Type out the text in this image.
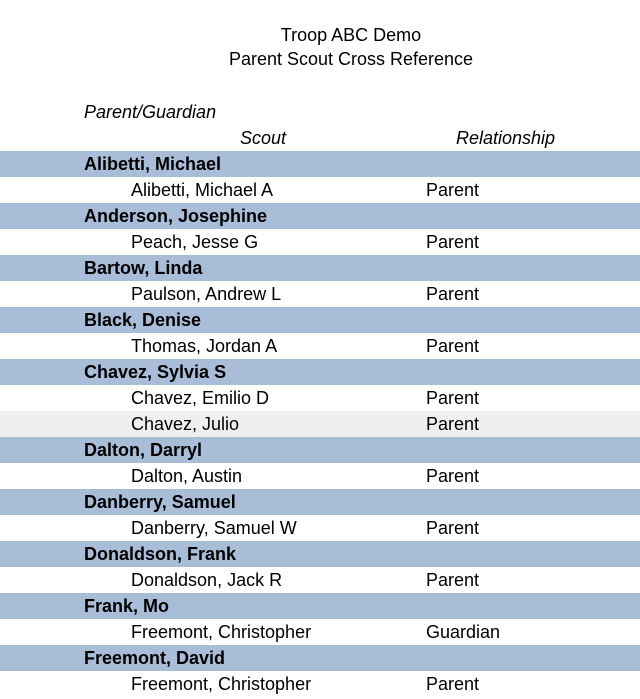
Troop ABC Demo
Parent Scout Cross Reference
Parent/Guardian
Scout	Relationship
Alibetti, Michael
Alibetti, Michael A	Parent
Anderson, Josephine
Peach, Jesse G	Parent
Bartow, Linda
Paulson, Andrew L	Parent
Black, Denise
Thomas, Jordan A	Parent
Chavez, Sylvia S
Chavez, Emilio D	Parent
Chavez, Julio	Parent
Dalton, Darryl
Dalton, Austin	Parent
Danberry, Samuel
Danberry, Samuel W	Parent
Donaldson, Frank
Donaldson, Jack R	Parent
Frank, Mo
Freemont, Christopher	Guardian
Freemont, David
Freemont, Christopher	Parent
